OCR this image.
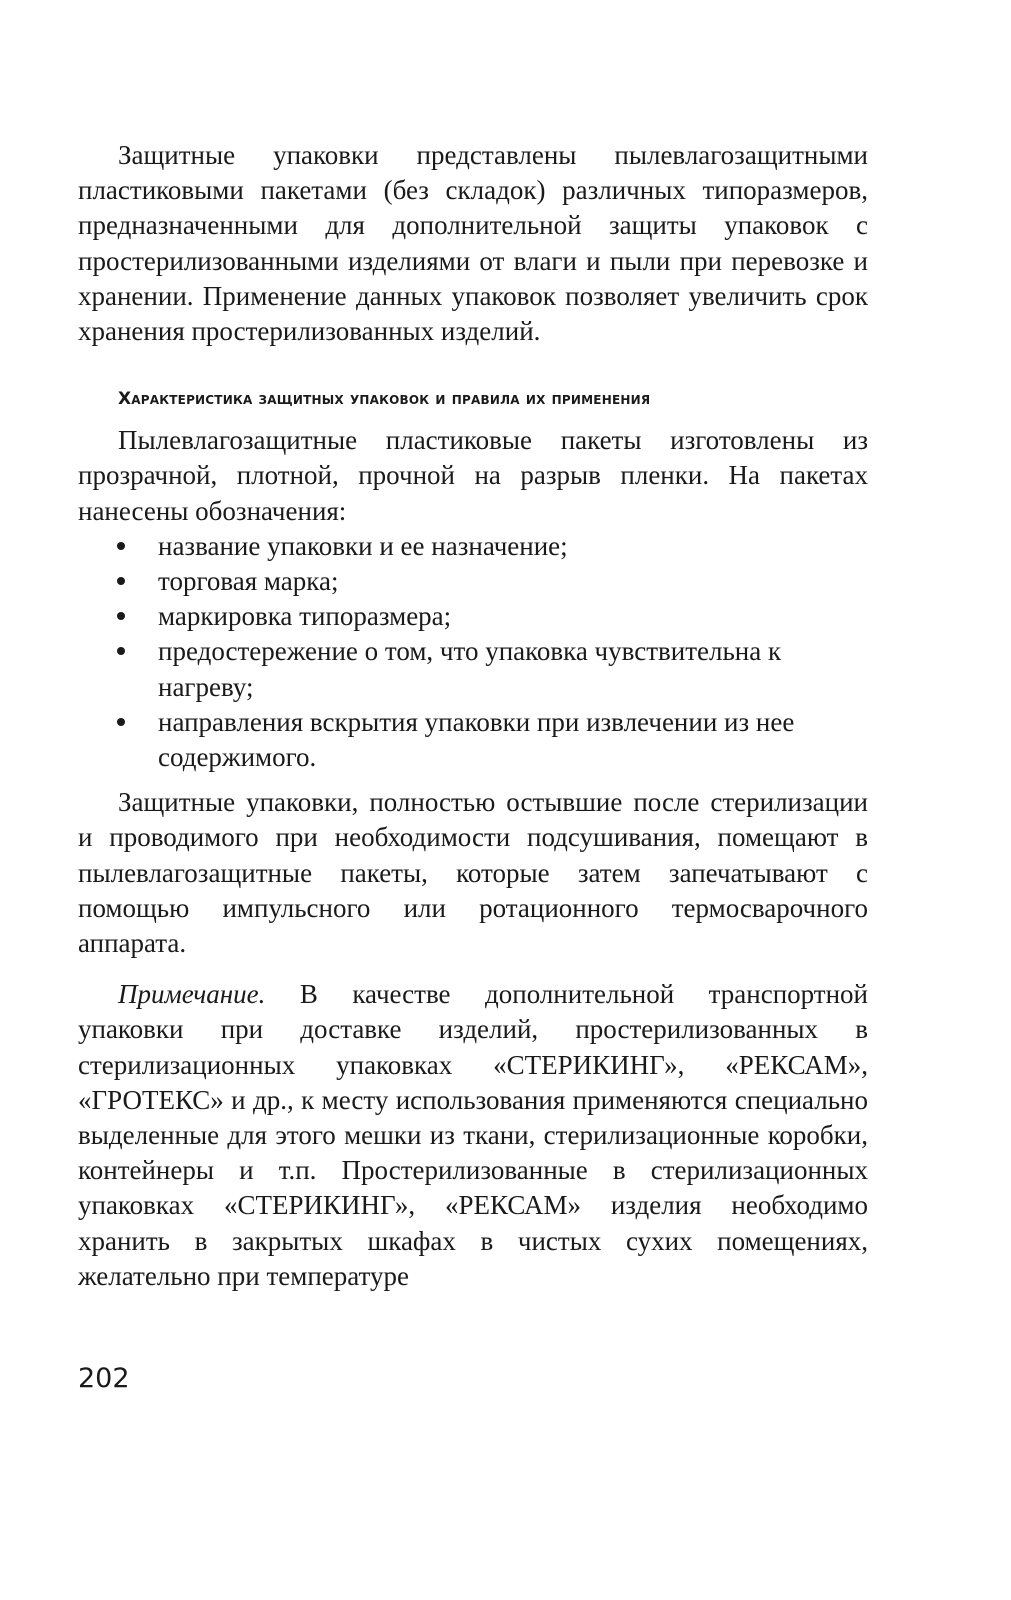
Защитные упаковки представлены пылевлагозащитными пластиковыми пакетами (без складок) различных типоразмеров, предназначенными для дополнительной защиты упаковок с простерилизованными изделиями от влаги и пыли при перевозке и хранении. Применение данных упаковок позволяет увеличить срок хранения простерилизованных изделий.

Характеристика защитных упаковок и правила их применения

Пылевлагозащитные пластиковые пакеты изготовлены из прозрачной, плотной, прочной на разрыв пленки. На пакетах нанесены обозначения:

название упаковки и ее назначение;
торговая марка;
маркировка типоразмера;
предостережение о том, что упаковка чувствительна к нагреву;
направления вскрытия упаковки при извлечении из нее содержимого.

Защитные упаковки, полностью остывшие после стерилизации и проводимого при необходимости подсушивания, помещают в пылевлагозащитные пакеты, которые затем запечатывают с помощью импульсного или ротационного термосварочного аппарата.

Примечание. В качестве дополнительной транспортной упаковки при доставке изделий, простерилизованных в стерилизационных упаковках «СТЕРИКИНГ», «РЕКСАМ», «ГРОТЕКС» и др., к месту использования применяются специально выделенные для этого мешки из ткани, стерилизационные коробки, контейнеры и т.п. Простерилизованные в стерилизационных упаковках «СТЕРИКИНГ», «РЕКСАМ» изделия необходимо хранить в закрытых шкафах в чистых сухих помещениях, желательно при температуре

202
